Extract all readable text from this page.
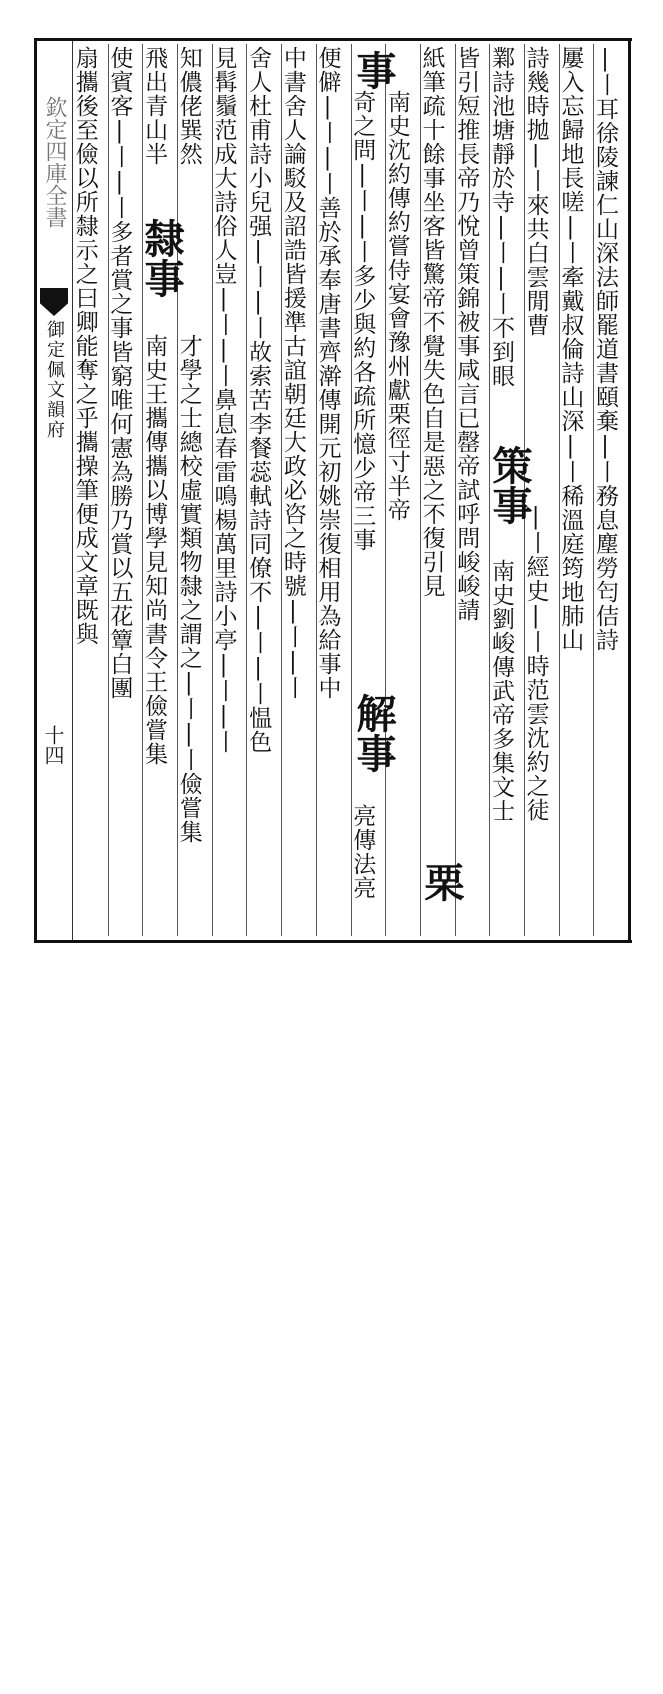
欽定四庫全書
御定佩文韻府
十四
|丨耳徐陵諫仁山深法師罷道書頤棄|丨務息塵勞匄佶詩
屢入忘歸地長嗟|丨牽戴叔倫詩山深|丨稀溫庭筠地肺山
詩幾時拋|丨來共白雲閒曹
|丨經史|丨時范雲沈約之徒
鄴詩池塘靜於寺|丨|丨不到眼
南史劉峻傳武帝多集文士
皆引短推長帝乃悅曾策錦被事咸言已罄帝試呼問峻峻請
紙筆疏十餘事坐客皆驚帝不覺失色自是惡之不復引見
南史沈約傳約嘗侍宴會豫州獻栗徑寸半帝
奇之問|丨|丨多少與約各疏所憶少帝三事
亮傳法亮
便僻|丨|丨善於承奉唐書齊澣傳開元初姚崇復相用為給事中
中書舍人論駁及詔誥皆援準古誼朝廷大政必咨之時號|丨|丨
舍人杜甫詩小兒强|丨|丨故索苦李餐蕊軾詩同僚不|丨|丨愠色
見髯鬚范成大詩俗人豈|丨|丨鼻息春雷鳴楊萬里詩小亭|丨|丨
知儂佬巽然
才學之士總校虛實類物隸之謂之|丨|丨儉嘗集
飛出青山半
南史王攜傳攜以博學見知尚書令王儉嘗集
使賓客|丨|丨多者賞之事皆窮唯何憲為勝乃賞以五花簟白團
扇攜後至儉以所隸示之曰卿能奪之乎攜操筆便成文章既與	策事
栗
事
解事
隸事
